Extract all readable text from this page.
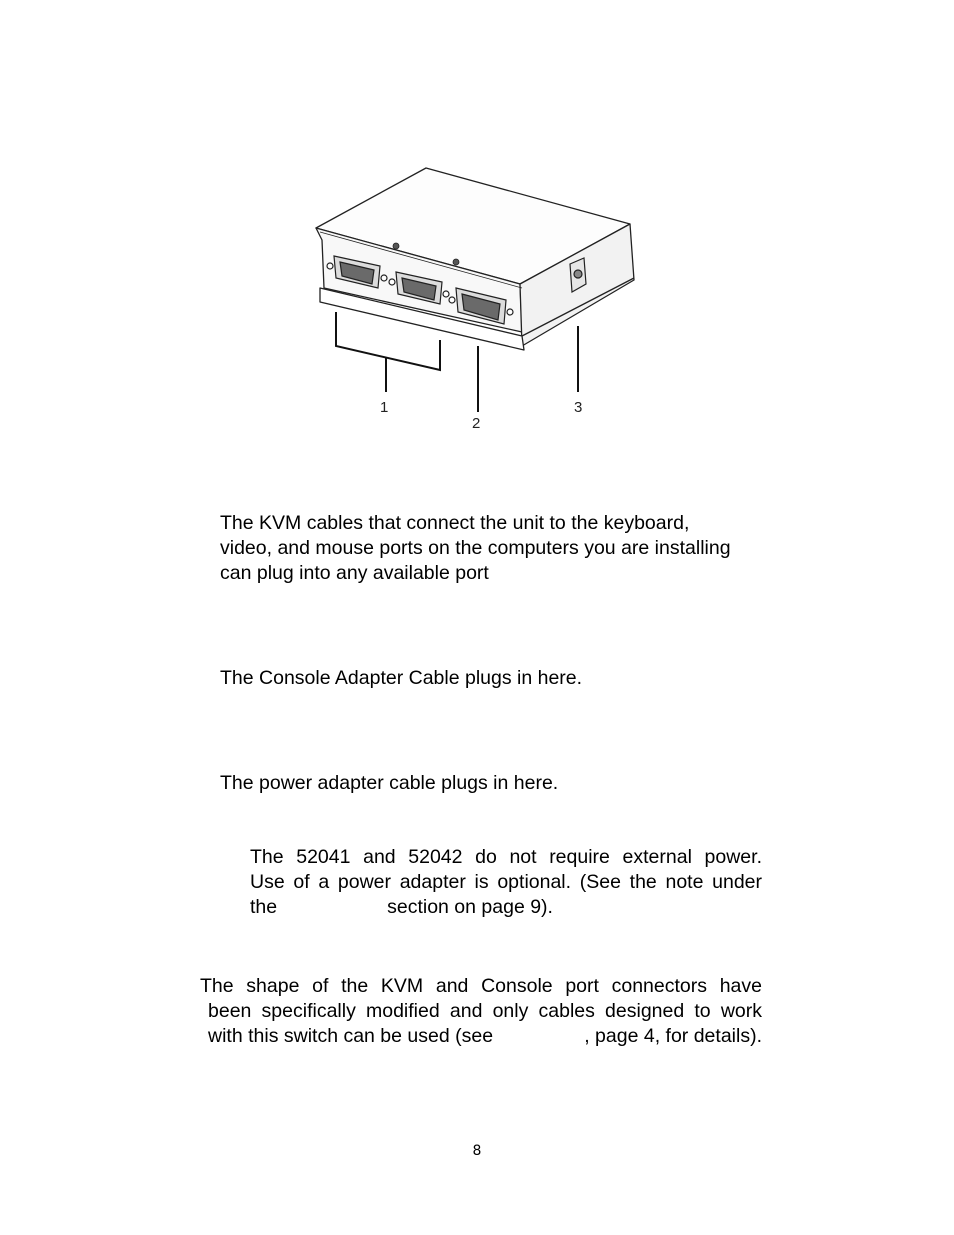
1
2
3
The KVM cables that connect the unit to the keyboard,
video, and mouse ports on the computers you are installing
can plug into any available port
The Console Adapter Cable plugs in here.
The power adapter cable plugs in here.
The 52041 and 52042 do not require external power.
Use of a power adapter is optional. (See the note under
the	section on page 9).
The shape of the KVM and Console port connectors have
been specifically modified and only cables designed to work
with this switch can be used (see	, page 4, for details).
8
